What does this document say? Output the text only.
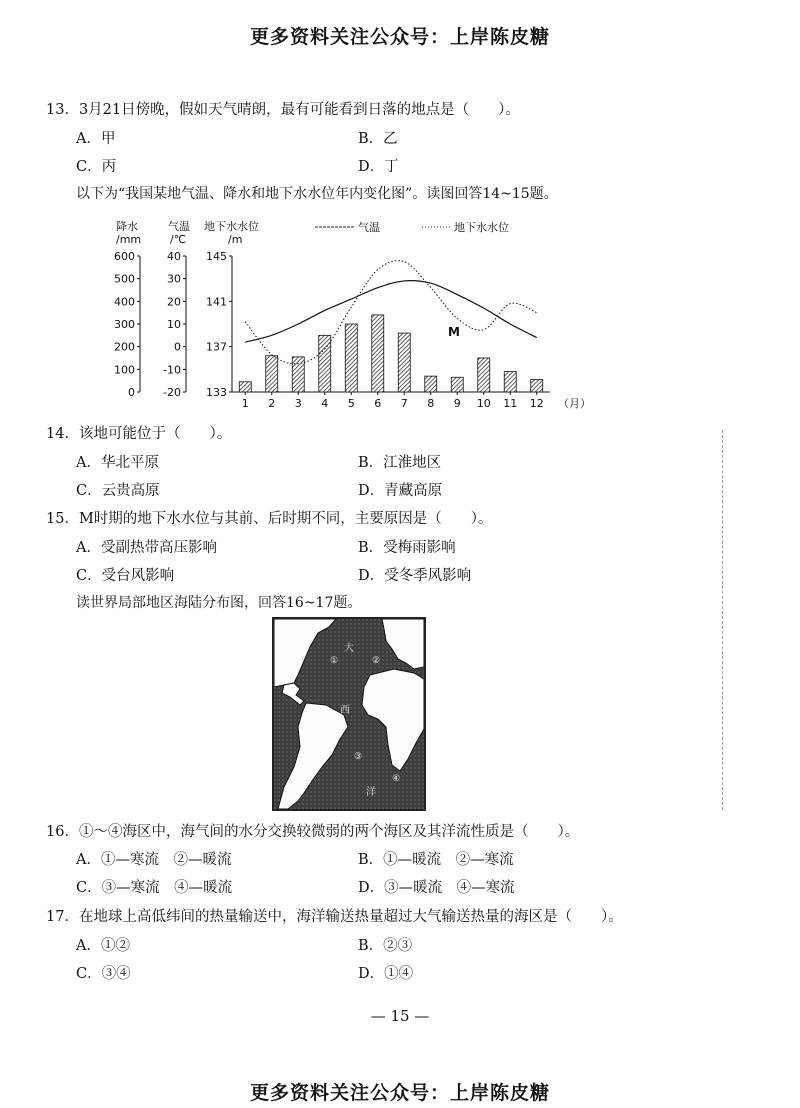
更多资料关注公众号：上岸陈皮糖
13．3月21日傍晚，假如天气晴朗，最有可能看到日落的地点是（　　）。
A．甲	B．乙
C．丙	D．丁
以下为“我国某地气温、降水和地下水水位年内变化图”。读图回答14~15题。
降水
/mm
气温
/℃
地下水水位
/m
气温	地下水水位
600
500
400
300
200
100
0
40
30
20
10
0
-10
-20
145
141
137
133
1 2 3 4 5 6 7 8 9 10 11 12 （月）
M
14．该地可能位于（　　）。
A．华北平原	B．江淮地区
C．云贵高原	D．青藏高原
15．M时期的地下水水位与其前、后时期不同，主要原因是（　　）。
A．受副热带高压影响	B．受梅雨影响
C．受台风影响	D．受冬季风影响
读世界局部地区海陆分布图，回答16~17题。
大
西
洋
①	②
③
④
16．①～④海区中，海气间的水分交换较微弱的两个海区及其洋流性质是（　　）。
A．①—寒流　②—暖流	B．①—暖流　②—寒流
C．③—寒流　④—暖流	D．③—暖流　④—寒流
17．在地球上高低纬间的热量输送中，海洋输送热量超过大气输送热量的海区是（　　）。
A．①②	B．②③
C．③④	D．①④
— 15 —
更多资料关注公众号：上岸陈皮糖
